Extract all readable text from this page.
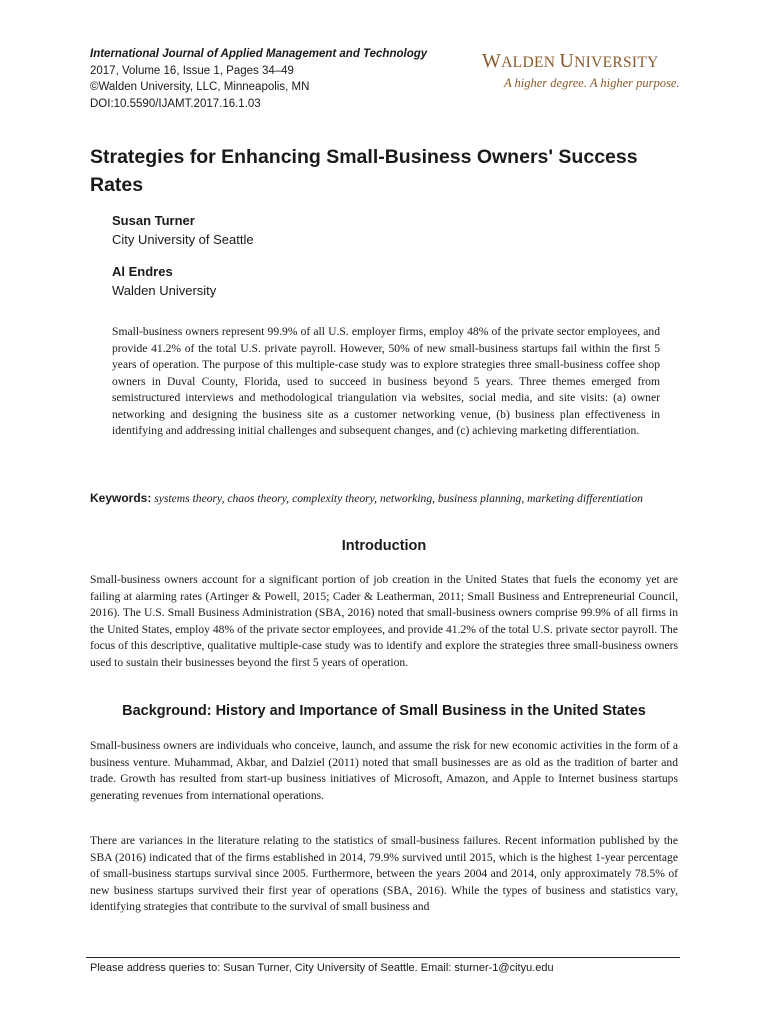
International Journal of Applied Management and Technology
2017, Volume 16, Issue 1, Pages 34–49
©Walden University, LLC, Minneapolis, MN
DOI:10.5590/IJAMT.2017.16.1.03
WALDEN UNIVERSITY
A higher degree. A higher purpose.
Strategies for Enhancing Small-Business Owners' Success Rates
Susan Turner
City University of Seattle
Al Endres
Walden University
Small-business owners represent 99.9% of all U.S. employer firms, employ 48% of the private sector employees, and provide 41.2% of the total U.S. private payroll. However, 50% of new small-business startups fail within the first 5 years of operation. The purpose of this multiple-case study was to explore strategies three small-business coffee shop owners in Duval County, Florida, used to succeed in business beyond 5 years. Three themes emerged from semistructured interviews and methodological triangulation via websites, social media, and site visits: (a) owner networking and designing the business site as a customer networking venue, (b) business plan effectiveness in identifying and addressing initial challenges and subsequent changes, and (c) achieving marketing differentiation.
Keywords: systems theory, chaos theory, complexity theory, networking, business planning, marketing differentiation
Introduction
Small-business owners account for a significant portion of job creation in the United States that fuels the economy yet are failing at alarming rates (Artinger & Powell, 2015; Cader & Leatherman, 2011; Small Business and Entrepreneurial Council, 2016). The U.S. Small Business Administration (SBA, 2016) noted that small-business owners comprise 99.9% of all firms in the United States, employ 48% of the private sector employees, and provide 41.2% of the total U.S. private sector payroll. The focus of this descriptive, qualitative multiple-case study was to identify and explore the strategies three small-business owners used to sustain their businesses beyond the first 5 years of operation.
Background: History and Importance of Small Business in the United States
Small-business owners are individuals who conceive, launch, and assume the risk for new economic activities in the form of a business venture. Muhammad, Akbar, and Dalziel (2011) noted that small businesses are as old as the tradition of barter and trade. Growth has resulted from start-up business initiatives of Microsoft, Amazon, and Apple to Internet business startups generating revenues from international operations.
There are variances in the literature relating to the statistics of small-business failures. Recent information published by the SBA (2016) indicated that of the firms established in 2014, 79.9% survived until 2015, which is the highest 1-year percentage of small-business startups survival since 2005. Furthermore, between the years 2004 and 2014, only approximately 78.5% of new business startups survived their first year of operations (SBA, 2016). While the types of business and statistics vary, identifying strategies that contribute to the survival of small business and
Please address queries to: Susan Turner, City University of Seattle. Email: sturner-1@cityu.edu
